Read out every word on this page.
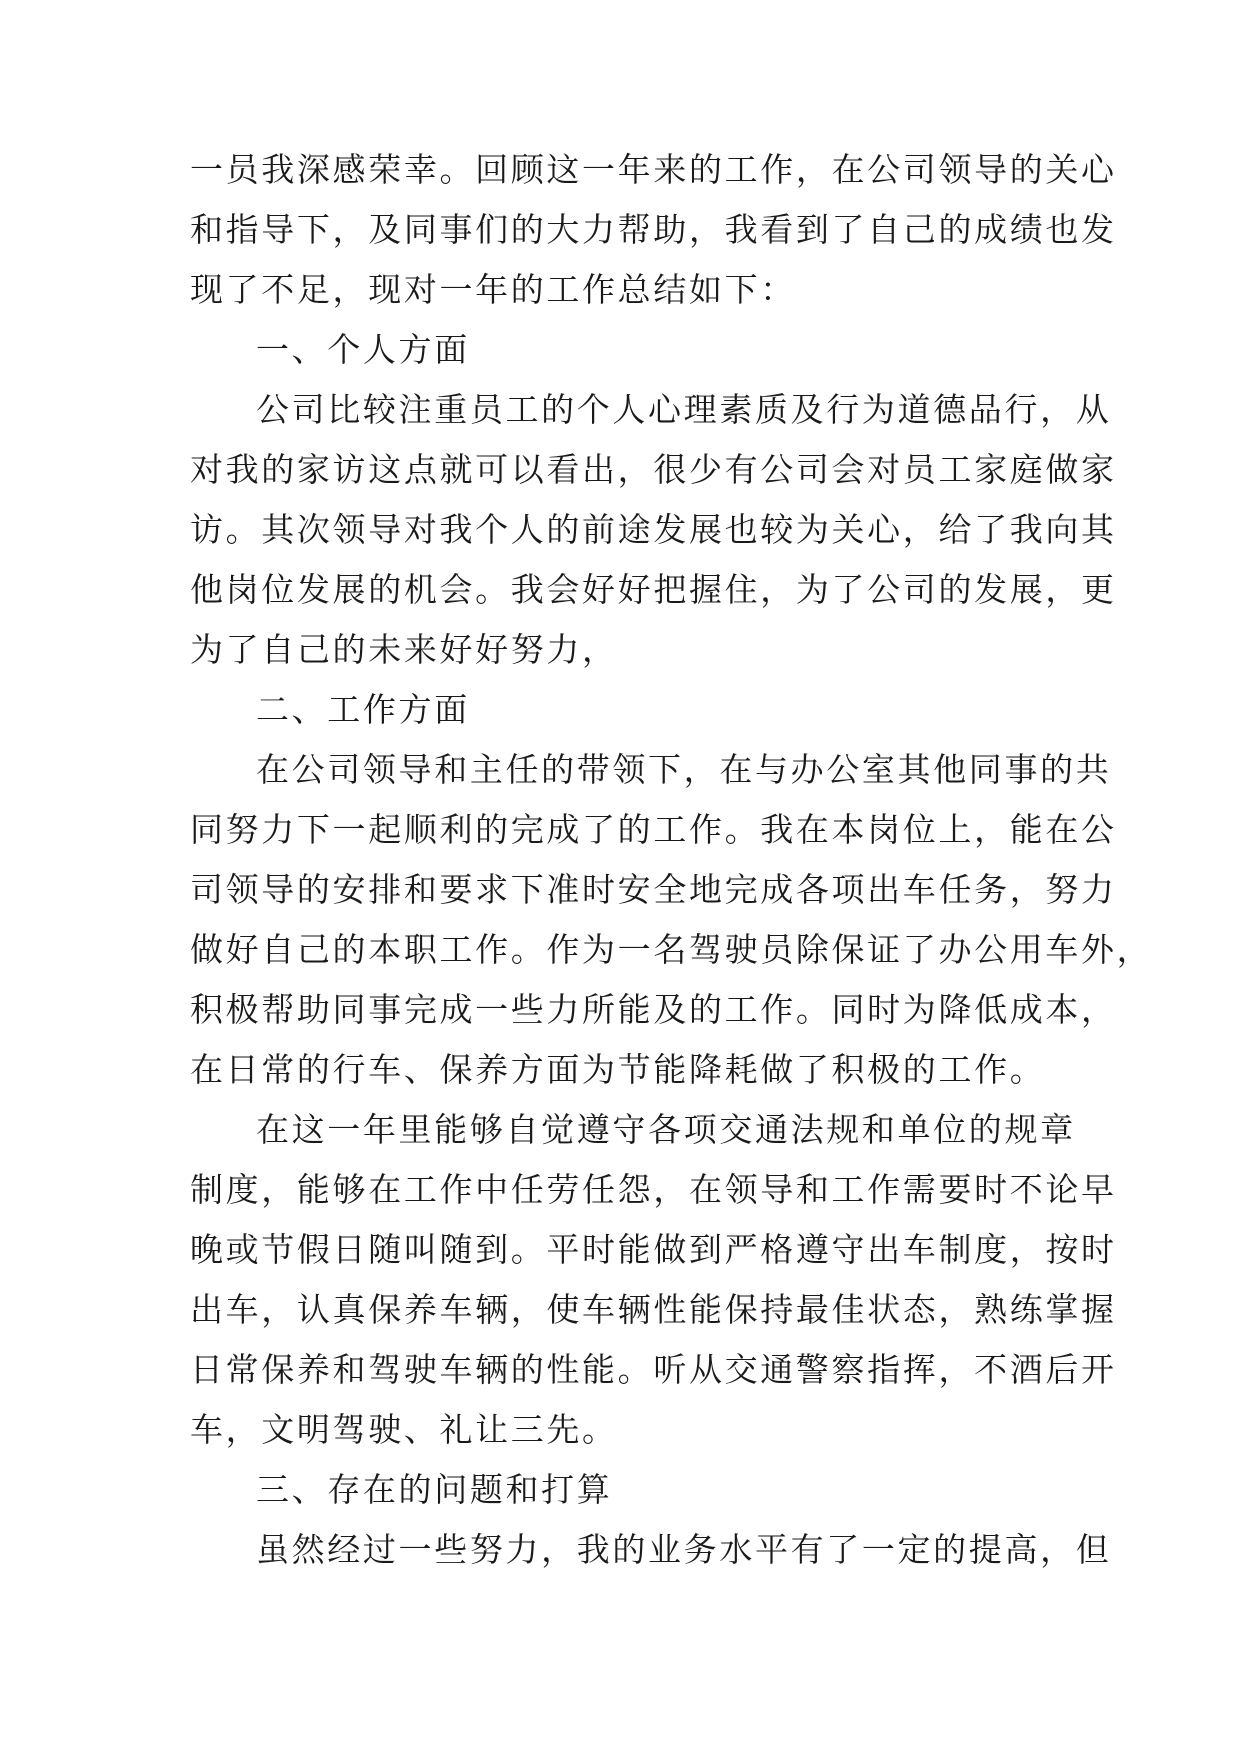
一员我深感荣幸。回顾这一年来的工作，在公司领导的关心

和指导下，及同事们的大力帮助，我看到了自己的成绩也发

现了不足，现对一年的工作总结如下：

一、个人方面

公司比较注重员工的个人心理素质及行为道德品行，从

对我的家访这点就可以看出，很少有公司会对员工家庭做家

访。其次领导对我个人的前途发展也较为关心，给了我向其

他岗位发展的机会。我会好好把握住，为了公司的发展，更

为了自己的未来好好努力，

二、工作方面

在公司领导和主任的带领下，在与办公室其他同事的共

同努力下一起顺利的完成了的工作。我在本岗位上，能在公

司领导的安排和要求下准时安全地完成各项出车任务，努力

做好自己的本职工作。作为一名驾驶员除保证了办公用车外，

积极帮助同事完成一些力所能及的工作。同时为降低成本，

在日常的行车、保养方面为节能降耗做了积极的工作。

在这一年里能够自觉遵守各项交通法规和单位的规章

制度，能够在工作中任劳任怨，在领导和工作需要时不论早

晚或节假日随叫随到。平时能做到严格遵守出车制度，按时

出车，认真保养车辆，使车辆性能保持最佳状态，熟练掌握

日常保养和驾驶车辆的性能。听从交通警察指挥，不酒后开

车，文明驾驶、礼让三先。

三、存在的问题和打算

虽然经过一些努力，我的业务水平有了一定的提高，但
